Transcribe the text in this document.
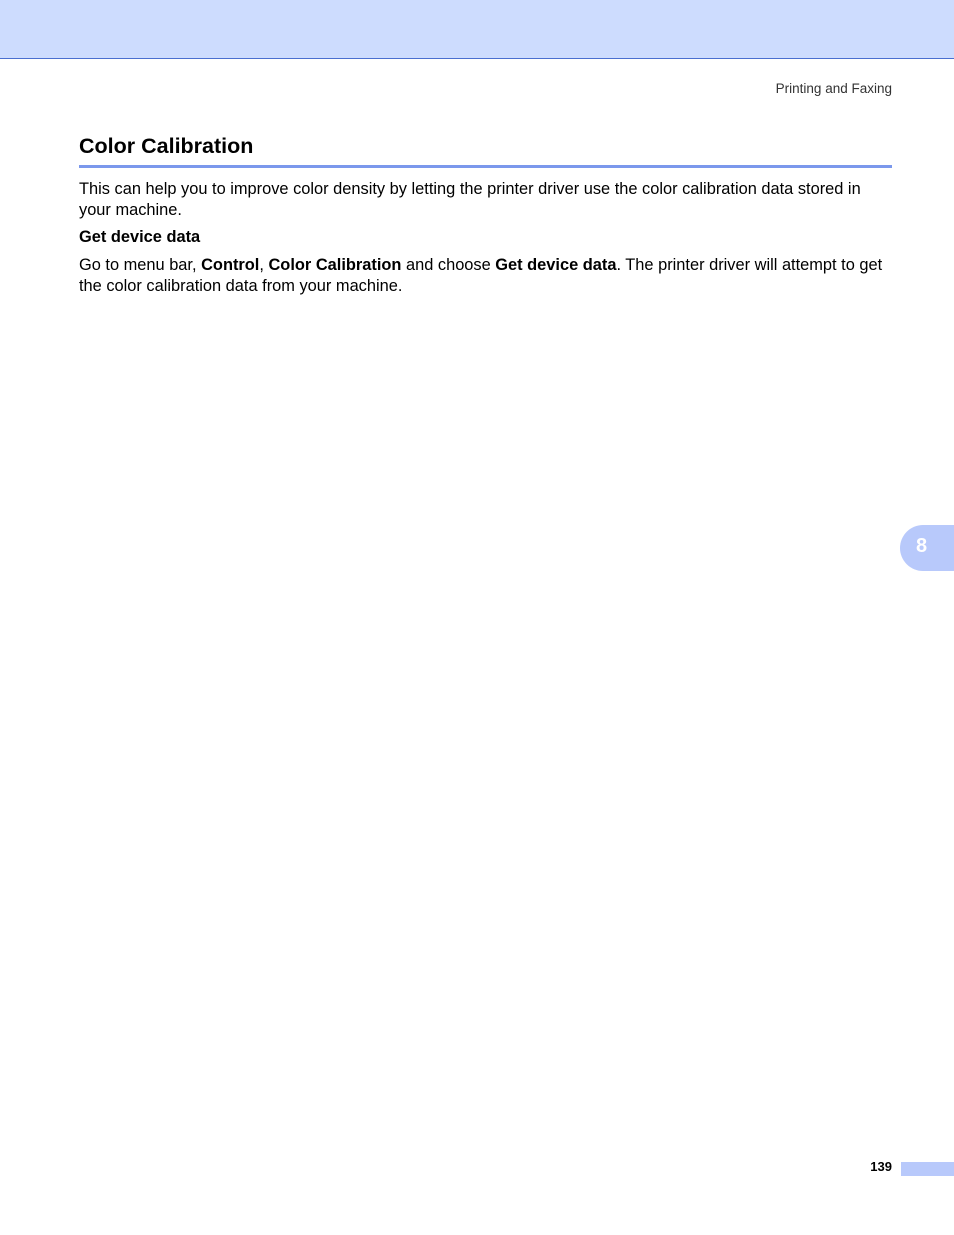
Printing and Faxing
Color Calibration

This can help you to improve color density by letting the printer driver use the color calibration data stored in your machine.

Get device data

Go to menu bar, Control, Color Calibration and choose Get device data. The printer driver will attempt to get the color calibration data from your machine.

8
139
